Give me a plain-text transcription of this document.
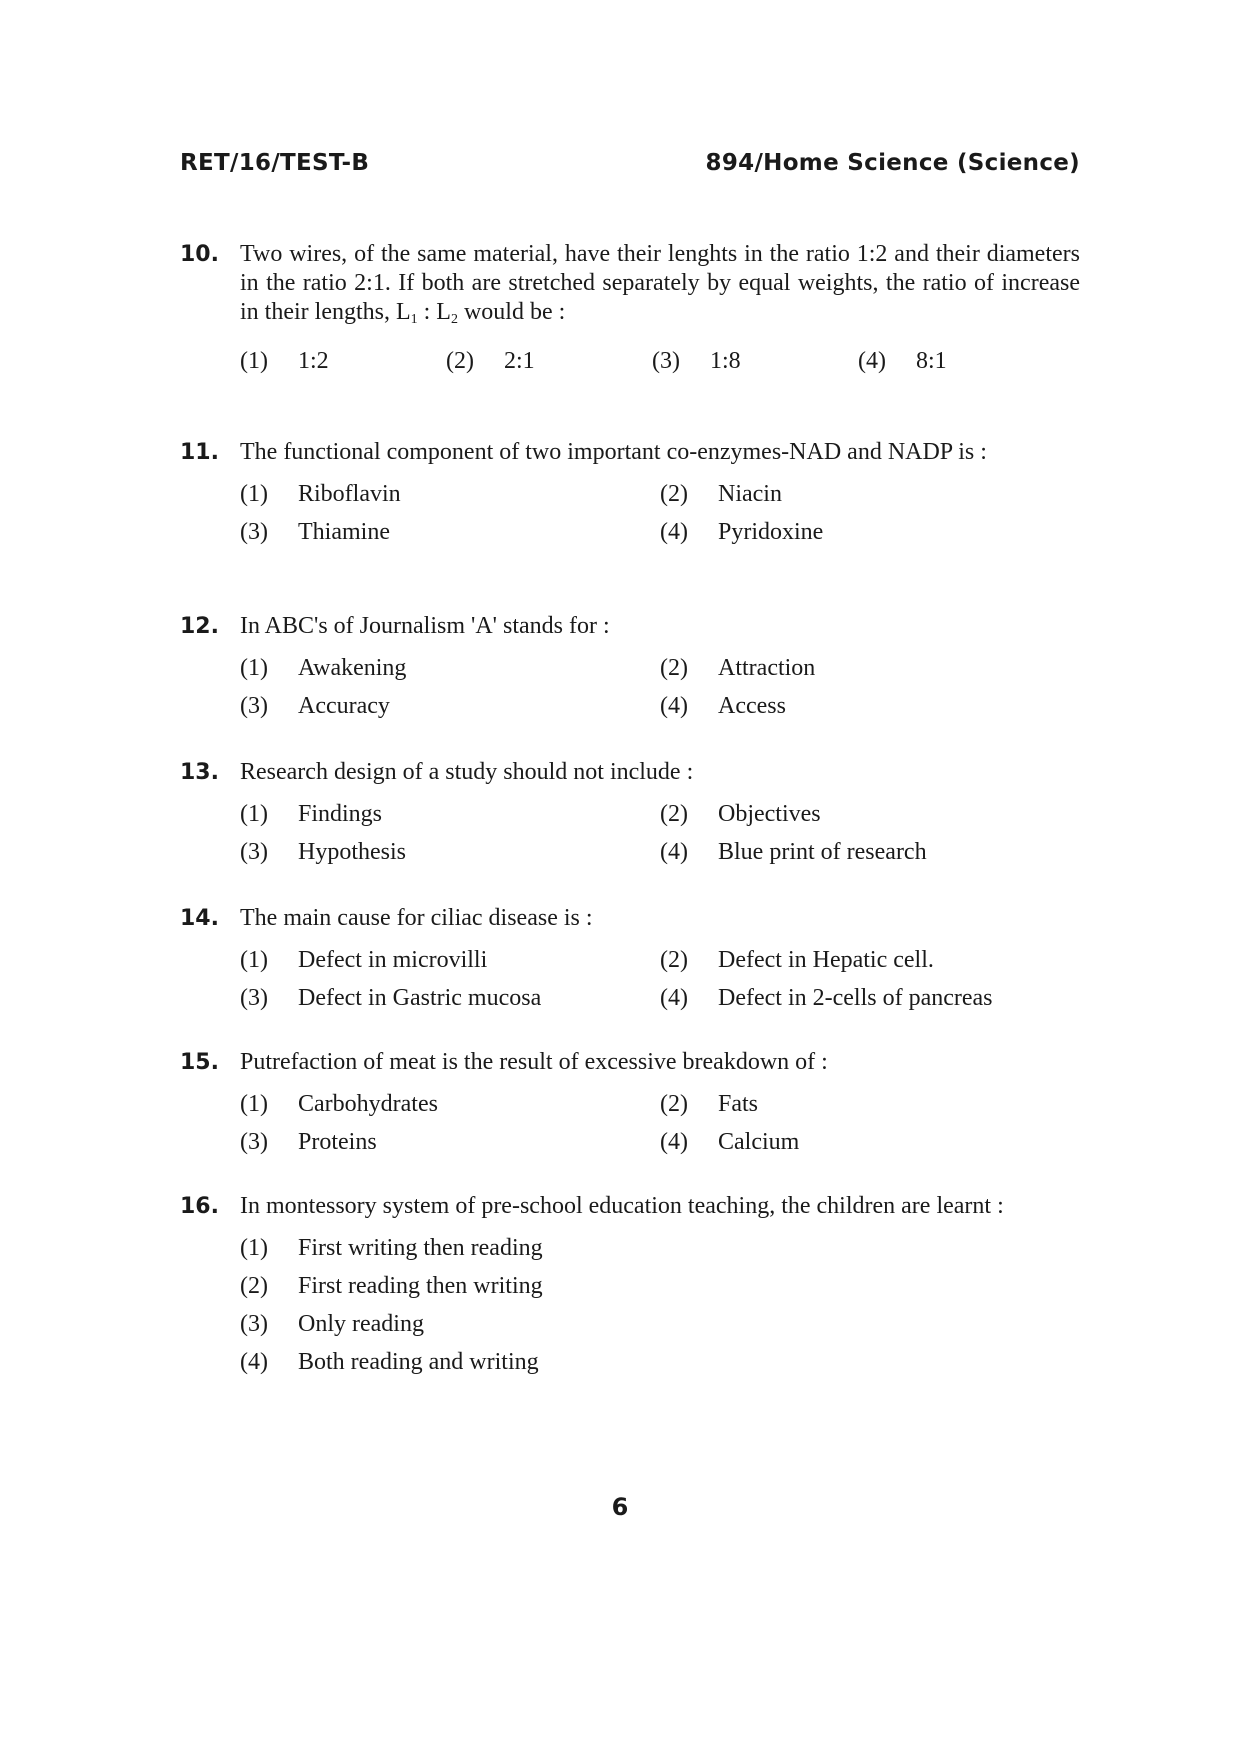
RET/16/TEST-B	894/Home Science (Science)
10. Two wires, of the same material, have their lenghts in the ratio 1:2 and their diameters in the ratio 2:1. If both are stretched separately by equal weights, the ratio of increase in their lengths, $L_1$ : $L_2$ would be :
(1)	1:2	(2)	2:1	(3)	1:8	(4)	8:1
11. The functional component of two important co-enzymes-NAD and NADP is :
(1)	Riboflavin	(2)	Niacin
(3)	Thiamine	(4)	Pyridoxine
12. In ABC's of Journalism 'A' stands for :
(1)	Awakening	(2)	Attraction
(3)	Accuracy	(4)	Access
13. Research design of a study should not include :
(1)	Findings	(2)	Objectives
(3)	Hypothesis	(4)	Blue print of research
14. The main cause for ciliac disease is :
(1)	Defect in microvilli	(2)	Defect in Hepatic cell.
(3)	Defect in Gastric mucosa	(4)	Defect in 2-cells of pancreas
15. Putrefaction of meat is the result of excessive breakdown of :
(1)	Carbohydrates	(2)	Fats
(3)	Proteins	(4)	Calcium
16. In montessory system of pre-school education teaching, the children are learnt :
(1)	First writing then reading
(2)	First reading then writing
(3)	Only reading
(4)	Both reading and writing
6
